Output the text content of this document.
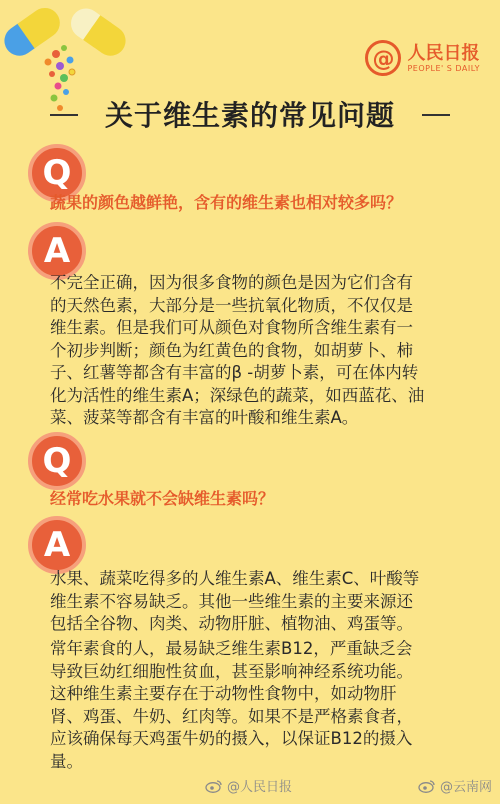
@ 人民日报
PEOPLE' S DAILY
关于维生素的常见问题
Q
蔬果的颜色越鲜艳，含有的维生素也相对较多吗？
A
不完全正确，因为很多食物的颜色是因为它们含有
的天然色素，大部分是一些抗氧化物质，不仅仅是
维生素。但是我们可从颜色对食物所含维生素有一
个初步判断；颜色为红黄色的食物，如胡萝卜、柿
子、红薯等都含有丰富的β -胡萝卜素，可在体内转
化为活性的维生素A；深绿色的蔬菜，如西蓝花、油
菜、菠菜等都含有丰富的叶酸和维生素A。
Q
经常吃水果就不会缺维生素吗？
A
水果、蔬菜吃得多的人维生素A、维生素C、叶酸等
维生素不容易缺乏。其他一些维生素的主要来源还
包括全谷物、肉类、动物肝脏、植物油、鸡蛋等。
常年素食的人，最易缺乏维生素B12，严重缺乏会
导致巨幼红细胞性贫血，甚至影响神经系统功能。
这种维生素主要存在于动物性食物中，如动物肝
肾、鸡蛋、牛奶、红肉等。如果不是严格素食者，
应该确保每天鸡蛋牛奶的摄入，以保证B12的摄入
量。
@人民日报	@云南网
